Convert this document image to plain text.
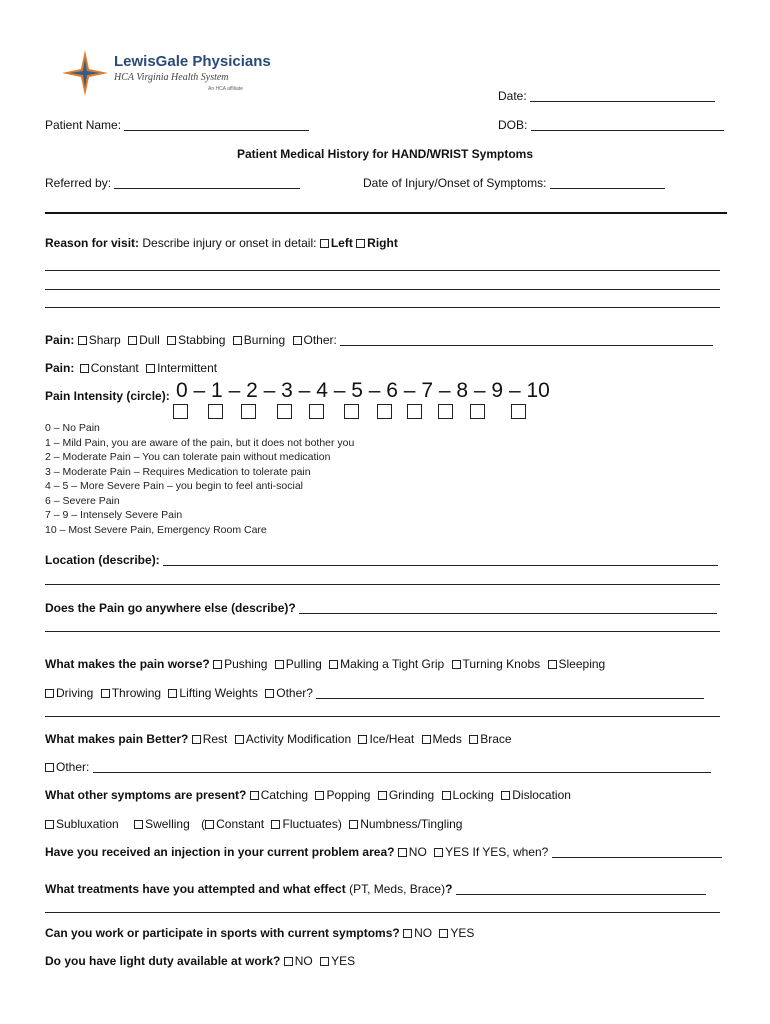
LewisGale Physicians
HCA Virginia Health System
An HCA affiliate	Date:
Patient Name:	DOB:
Patient Medical History for HAND/WRIST Symptoms
Referred by:	Date of Injury/Onset of Symptoms:
Reason for visit: Describe injury or onset in detail: Left Right
Pain: Sharp Dull Stabbing Burning Other:
Pain: Constant Intermittent
Pain Intensity (circle): 0 – 1 – 2 – 3 – 4 – 5 – 6 – 7 – 8 – 9 – 10
0 – No Pain
1 – Mild Pain, you are aware of the pain, but it does not bother you
2 – Moderate Pain – You can tolerate pain without medication
3 – Moderate Pain – Requires Medication to tolerate pain
4 – 5 – More Severe Pain – you begin to feel anti-social
6 – Severe Pain
7 – 9 – Intensely Severe Pain
10 – Most Severe Pain, Emergency Room Care
Location (describe):
Does the Pain go anywhere else (describe)?
What makes the pain worse? Pushing Pulling Making a Tight Grip Turning Knobs Sleeping
Driving Throwing Lifting Weights Other?
What makes pain Better? Rest Activity Modification Ice/Heat Meds Brace
Other:
What other symptoms are present? Catching Popping Grinding Locking Dislocation
Subluxation Swelling ( Constant Fluctuates) Numbness/Tingling
Have you received an injection in your current problem area? NO YES If YES, when?
What treatments have you attempted and what effect (PT, Meds, Brace)?
Can you work or participate in sports with current symptoms? NO YES
Do you have light duty available at work? NO YES
